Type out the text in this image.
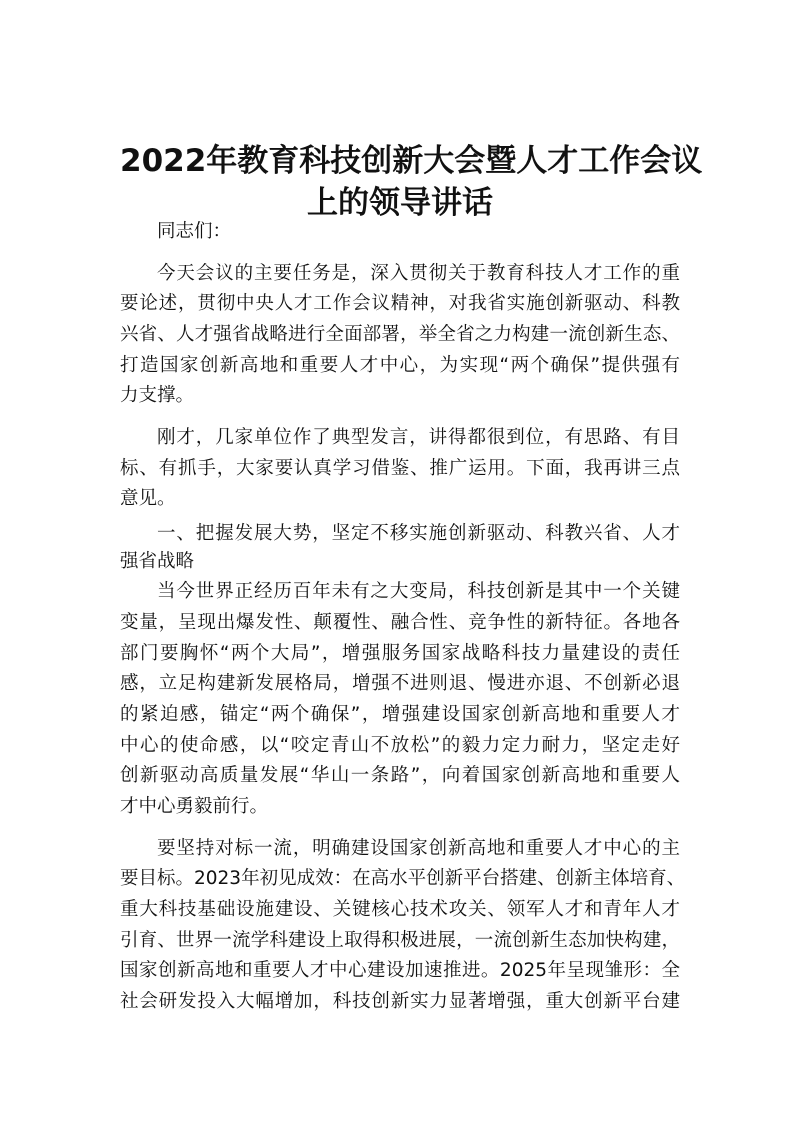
2022年教育科技创新大会暨人才工作会议
上的领导讲话

同志们：

今天会议的主要任务是，深入贯彻关于教育科技人才工作的重

要论述，贯彻中央人才工作会议精神，对我省实施创新驱动、科教

兴省、人才强省战略进行全面部署，举全省之力构建一流创新生态、

打造国家创新高地和重要人才中心，为实现“两个确保”提供强有

力支撑。

刚才，几家单位作了典型发言，讲得都很到位，有思路、有目

标、有抓手，大家要认真学习借鉴、推广运用。下面，我再讲三点

意见。

一、把握发展大势，坚定不移实施创新驱动、科教兴省、人才

强省战略

当今世界正经历百年未有之大变局，科技创新是其中一个关键

变量，呈现出爆发性、颠覆性、融合性、竞争性的新特征。各地各

部门要胸怀“两个大局”，增强服务国家战略科技力量建设的责任

感，立足构建新发展格局，增强不进则退、慢进亦退、不创新必退

的紧迫感，锚定“两个确保”，增强建设国家创新高地和重要人才

中心的使命感，以“咬定青山不放松”的毅力定力耐力，坚定走好

创新驱动高质量发展“华山一条路”，向着国家创新高地和重要人

才中心勇毅前行。

要坚持对标一流，明确建设国家创新高地和重要人才中心的主

要目标。2023年初见成效：在高水平创新平台搭建、创新主体培育、

重大科技基础设施建设、关键核心技术攻关、领军人才和青年人才

引育、世界一流学科建设上取得积极进展，一流创新生态加快构建，

国家创新高地和重要人才中心建设加速推进。2025年呈现雏形：全

社会研发投入大幅增加，科技创新实力显著增强，重大创新平台建
